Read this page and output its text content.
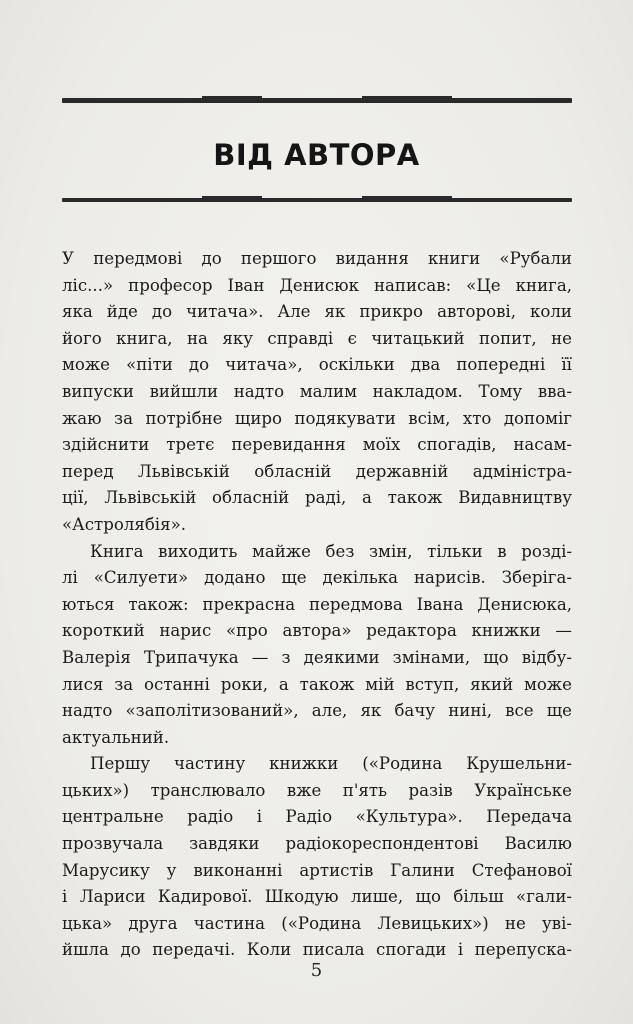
ВІД АВТОРА
У передмові до першого видання книги «Рубали
ліс...» професор Іван Денисюк написав: «Це книга,
яка йде до читача». Але як прикро авторові, коли
його книга, на яку справді є читацький попит, не
може «піти до читача», оскільки два попередні її
випуски вийшли надто малим накладом. Тому вва-
жаю за потрібне щиро подякувати всім, хто допоміг
здійснити третє перевидання моїх спогадів, насам-
перед Львівській обласній державній адміністра-
ції, Львівській обласній раді, а також Видавництву
«Астролябія».
Книга виходить майже без змін, тільки в розді-
лі «Силуети» додано ще декілька нарисів. Зберіга-
ються також: прекрасна передмова Івана Денисюка,
короткий нарис «про автора» редактора книжки —
Валерія Трипачука — з деякими змінами, що відбу-
лися за останні роки, а також мій вступ, який може
надто «заполітизований», але, як бачу нині, все ще
актуальний.
Першу частину книжки («Родина Крушельни-
цьких») транслювало вже п'ять разів Українське
центральне радіо і Радіо «Культура». Передача
прозвучала завдяки радіокореспондентові Василю
Марусику у виконанні артистів Галини Стефанової
і Лариси Кадирової. Шкодую лише, що більш «гали-
цька» друга частина («Родина Левицьких») не уві-
йшла до передачі. Коли писала спогади і перепуска-
5
